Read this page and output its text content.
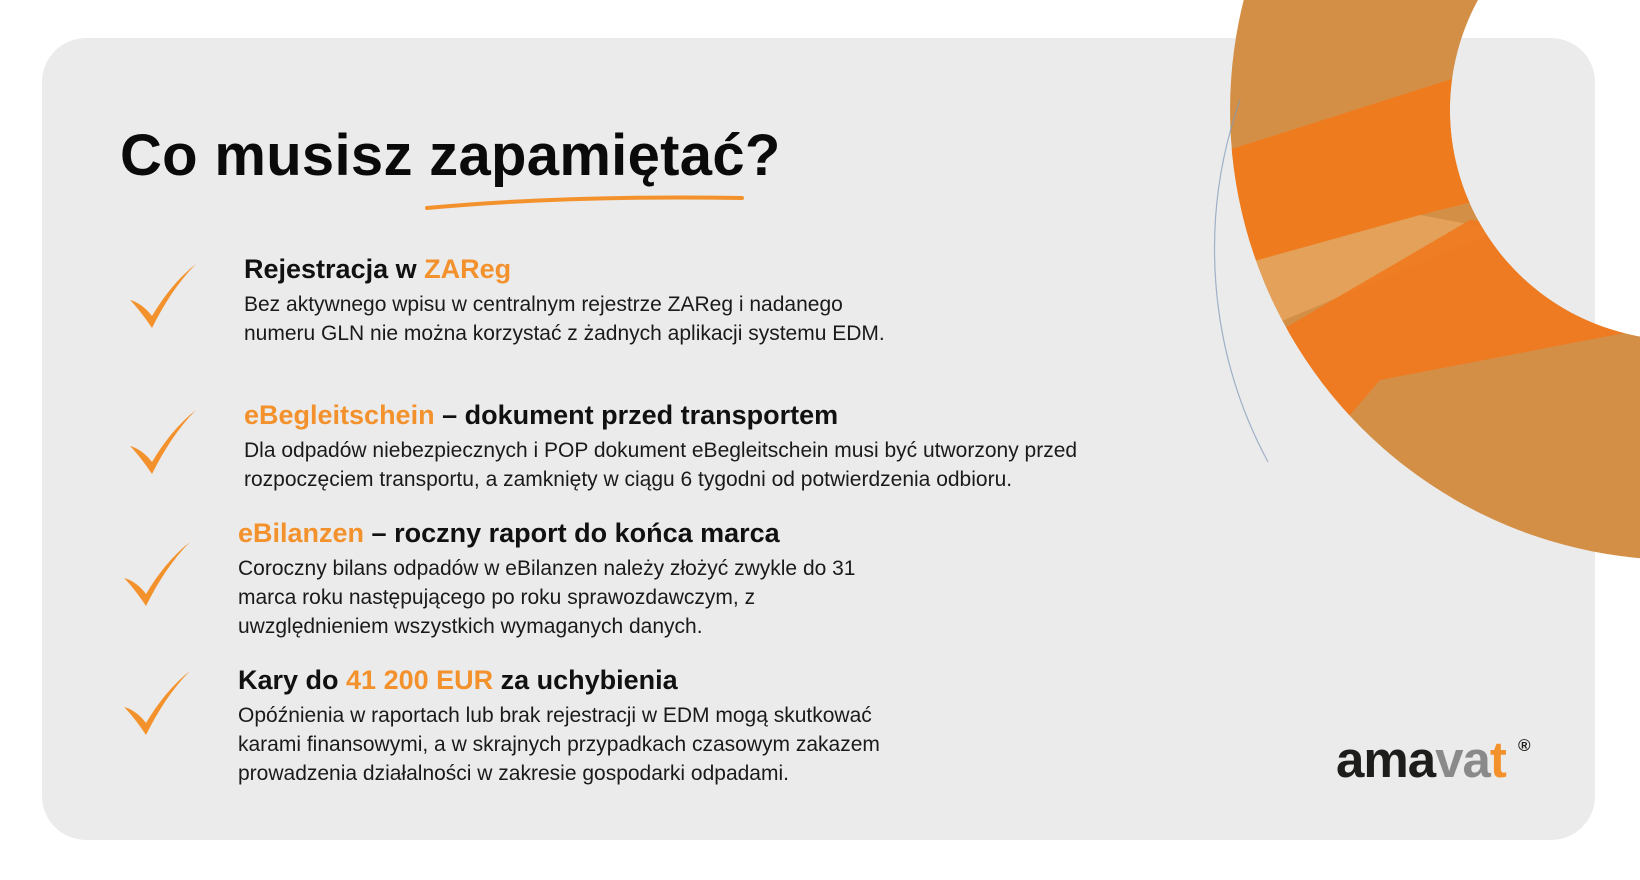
Co musisz zapamiętać?

Rejestracja w ZAReg

Bez aktywnego wpisu w centralnym rejestrze ZAReg i nadanego
numeru GLN nie można korzystać z żadnych aplikacji systemu EDM.

eBegleitschein – dokument przed transportem

Dla odpadów niebezpiecznych i POP dokument eBegleitschein musi być utworzony przed
rozpoczęciem transportu, a zamknięty w ciągu 6 tygodni od potwierdzenia odbioru.

eBilanzen – roczny raport do końca marca

Coroczny bilans odpadów w eBilanzen należy złożyć zwykle do 31
marca roku następującego po roku sprawozdawczym, z
uwzględnieniem wszystkich wymaganych danych.

Kary do 41 200 EUR za uchybienia

Opóźnienia w raportach lub brak rejestracji w EDM mogą skutkować
karami finansowymi, a w skrajnych przypadkach czasowym zakazem
prowadzenia działalności w zakresie gospodarki odpadami.	amavat ®
